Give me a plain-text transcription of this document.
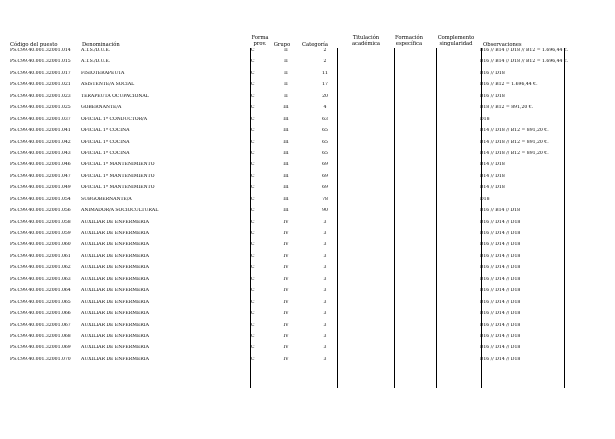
Código del puesto	Denominación
Forma
prov.	Grupo	Categoría
Titulación
académica
Formación
específica
Complemento
singularidad	Observaciones
PS.C99.40.001.32001.014	A.T.S./D.U.E.	C	II	2				B16 // B14 // D18 // B12 = 1.696,44 €.
PS.C99.40.001.32001.015	A.T.S./D.U.E.	C	II	2				B16 // B14 // D18 // B12 = 1.696,44 €.
PS.C99.40.001.32001.017	FISIOTERAPEUTA	C	II	11				B16 // D18
PS.C99.40.001.32001.021	ASISTENTE/A SOCIAL	C	II	17				B16 // B12 = 1.696,44 €.
PS.C99.40.001.32001.023	TERAPEUTA OCUPACIONAL	C	II	20				B16 // D18
PS.C99.40.001.32001.025	GOBERNANTE/A	C	III	4				B18 // B12 = 891,20 €.
PS.C99.40.001.32001.037	OFICIAL 1ª CONDUCTOR/A	C	III	63				D18
PS.C99.40.001.32001.041	OFICIAL 1ª COCINA	C	III	65				B14 // D18 // B12 = 891,20 €.
PS.C99.40.001.32001.042	OFICIAL 1ª COCINA	C	III	65				B14 // D18 // B12 = 891,20 €.
PS.C99.40.001.32001.043	OFICIAL 1ª COCINA	C	III	65				B14 // D18 // B12 = 891,20 €.
PS.C99.40.001.32001.046	OFICIAL 1ª MANTENIMIENTO	C	III	69				B14 // D18
PS.C99.40.001.32001.047	OFICIAL 1ª MANTENIMIENTO	C	III	69				B14 // D18
PS.C99.40.001.32001.049	OFICIAL 1ª MANTENIMIENTO	C	III	69				B14 // D18
PS.C99.40.001.32001.054	SUBGOBERNANTE/A	C	III	78				D18
PS.C99.40.001.32001.056	ANIMADOR/A SOCIOCULTURAL	C	III	90				B16 // B14 // D18
PS.C99.40.001.32001.058	AUXILIAR DE ENFERMERÍA	C	IV	3				B16 // D14 // D18
PS.C99.40.001.32001.059	AUXILIAR DE ENFERMERÍA	C	IV	3				B16 // D14 // D18
PS.C99.40.001.32001.060	AUXILIAR DE ENFERMERÍA	C	IV	3				B16 // D14 // D18
PS.C99.40.001.32001.061	AUXILIAR DE ENFERMERÍA	C	IV	3				B16 // D14 // D18
PS.C99.40.001.32001.062	AUXILIAR DE ENFERMERÍA	C	IV	3				B16 // D14 // D18
PS.C99.40.001.32001.063	AUXILIAR DE ENFERMERÍA	C	IV	3				B16 // D14 // D18
PS.C99.40.001.32001.064	AUXILIAR DE ENFERMERÍA	C	IV	3				B16 // D14 // D18
PS.C99.40.001.32001.065	AUXILIAR DE ENFERMERÍA	C	IV	3				B16 // D14 // D18
PS.C99.40.001.32001.066	AUXILIAR DE ENFERMERÍA	C	IV	3				B16 // D14 // D18
PS.C99.40.001.32001.067	AUXILIAR DE ENFERMERÍA	C	IV	3				B16 // D14 // D18
PS.C99.40.001.32001.068	AUXILIAR DE ENFERMERÍA	C	IV	3				B16 // D14 // D18
PS.C99.40.001.32001.069	AUXILIAR DE ENFERMERÍA	C	IV	3				B16 // D14 // D18
PS.C99.40.001.32001.070	AUXILIAR DE ENFERMERÍA	C	IV	3				B16 // D14 // D18
